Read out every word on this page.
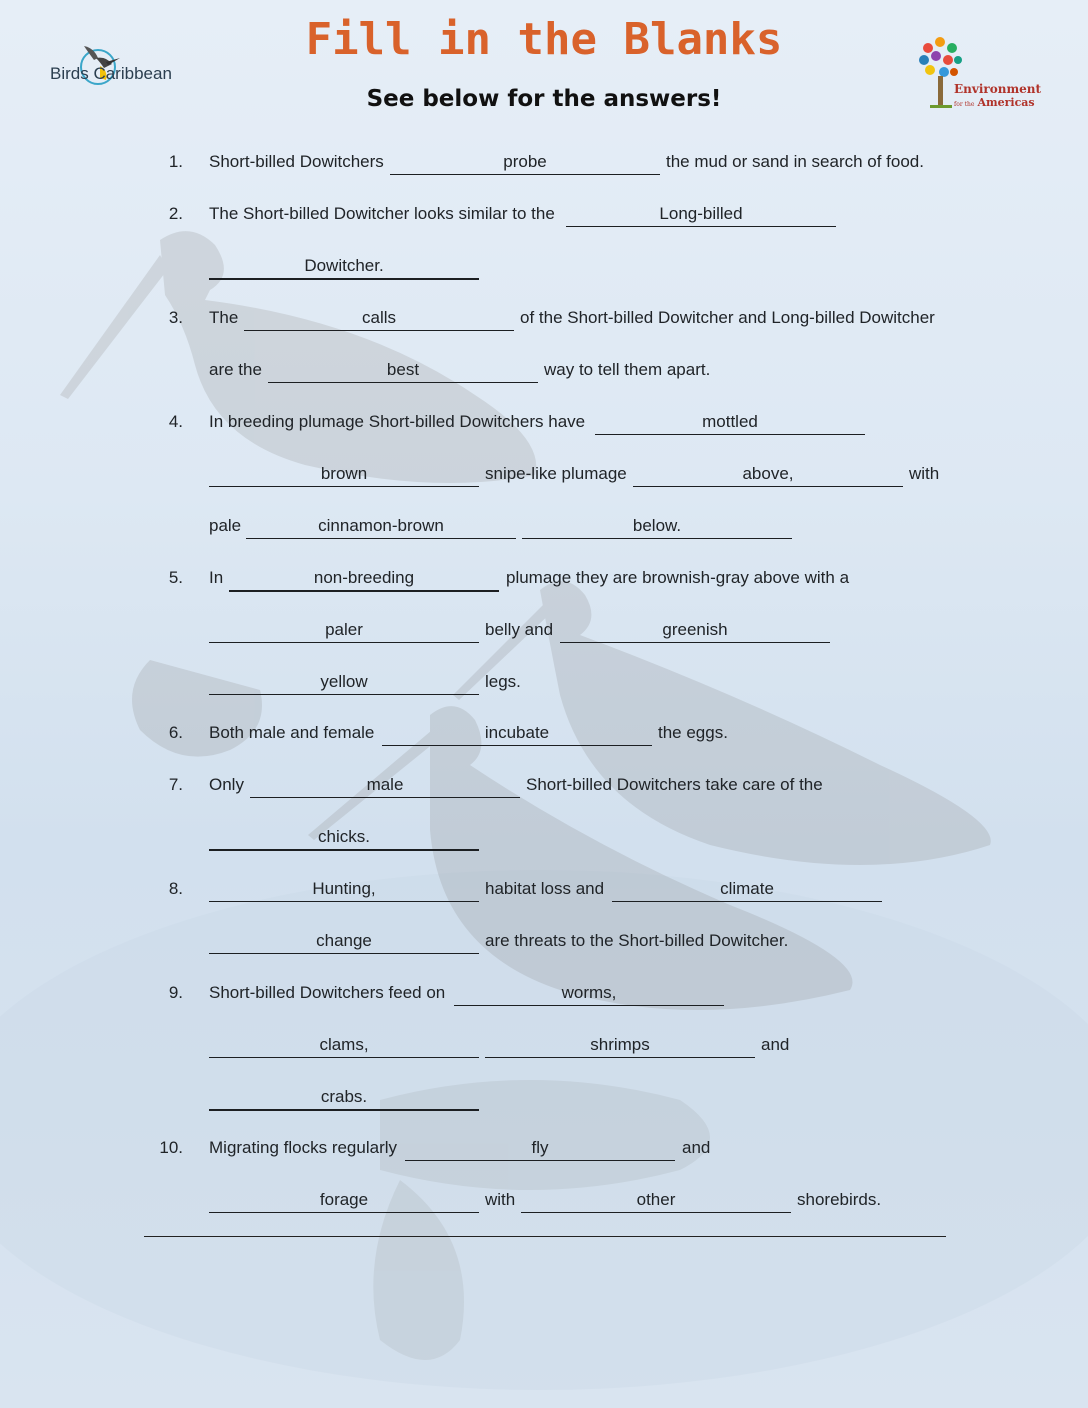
Fill in the Blanks
See below for the answers!
Birds Caribbean
Environment
for the Americas
1. Short-billed Dowitchers	probe	the mud or sand in search of food.
2. The Short-billed Dowitcher looks similar to the	Long-billed
Dowitcher.
3. The	calls	of the Short-billed Dowitcher and Long-billed Dowitcher
are the	best	way to tell them apart.
4. In breeding plumage Short-billed Dowitchers have	mottled
brown	snipe-like plumage	above,	with
pale	cinnamon-brown	below.
5. In	non-breeding	plumage they are brownish-gray above with a
paler	belly and	greenish
yellow	legs.
6. Both male and female	incubate	the eggs.
7. Only	male	Short-billed Dowitchers take care of the
chicks.
8.	Hunting,	habitat loss and	climate
change	are threats to the Short-billed Dowitcher.
9. Short-billed Dowitchers feed on	worms,
clams,	shrimps	and
crabs.
10. Migrating flocks regularly	fly	and
forage	with	other	shorebirds.
